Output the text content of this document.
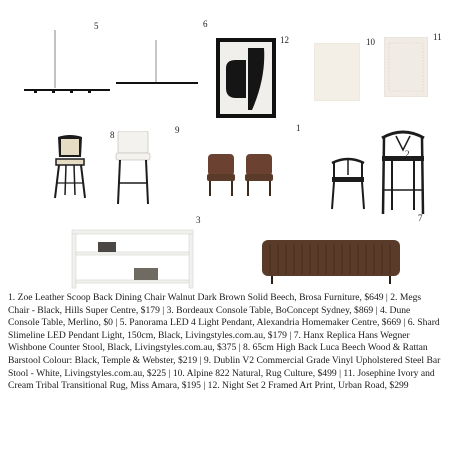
5	6
12	10	11
8	9	1
2
7
3
1. Zoe Leather Scoop Back Dining Chair Walnut Dark Brown Solid Beech, Brosa Furniture, $649 | 2. Megs Chair - Black, Hills Super Centre, $179 | 3. Bordeaux Console Table, BoConcept Sydney, $869 | 4. Dune Console Table, Merlino, $0 | 5. Panorama LED 4 Light Pendant, Alexandria Homemaker Centre, $669 | 6. Shard Slimeline LED Pendant Light, 150cm, Black, Livingstyles.com.au, $179 | 7. Hanx Replica Hans Wegner Wishbone Counter Stool, Black, Livingstyles.com.au, $375 | 8. 65cm High Back Luca Beech Wood & Rattan Barstool Colour: Black, Temple & Webster, $219 | 9. Dublin V2 Commercial Grade Vinyl Upholstered Steel Bar Stool - White, Livingstyles.com.au, $225 | 10. Alpine 822 Natural, Rug Culture, $499 | 11. Josephine Ivory and Cream Tribal Transitional Rug, Miss Amara, $195 | 12. Night Set 2 Framed Art Print, Urban Road, $299
